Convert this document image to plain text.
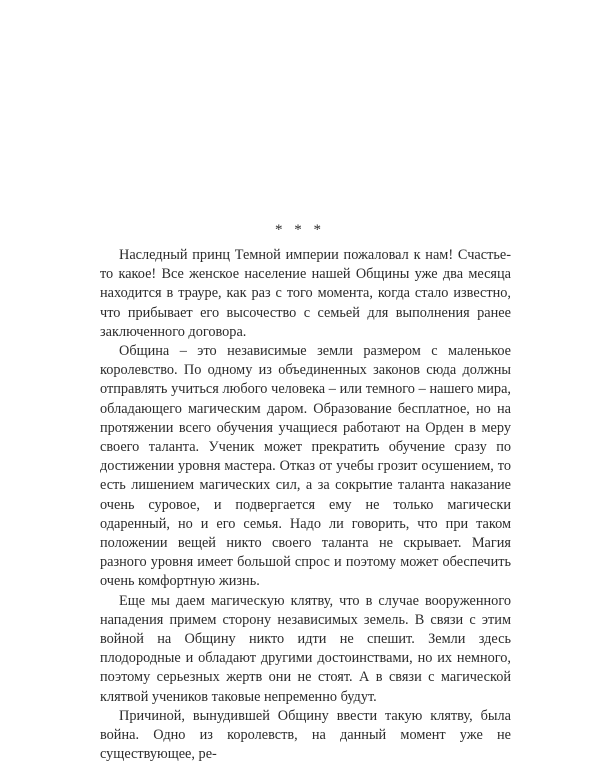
* * *

Наследный принц Темной империи пожаловал к нам! Счастье-то какое! Все женское население нашей Общины уже два месяца находится в трауре, как раз с того момента, когда стало известно, что прибывает его высочество с семьей для выполнения ранее заключенного договора.

Община – это независимые земли размером с маленькое королевство. По одному из объединенных законов сюда должны отправлять учиться любого человека – или темного – нашего мира, обладающего магическим даром. Образование бесплатное, но на протяжении всего обучения учащиеся работают на Орден в меру своего таланта. Ученик может прекратить обучение сразу по достижении уровня мастера. Отказ от учебы грозит осушением, то есть лишением магических сил, а за сокрытие таланта наказание очень суровое, и подвергается ему не только магически одаренный, но и его семья. Надо ли говорить, что при таком положении вещей никто своего таланта не скрывает. Магия разного уровня имеет большой спрос и поэтому может обеспечить очень комфортную жизнь.

Еще мы даем магическую клятву, что в случае вооруженного нападения примем сторону независимых земель. В связи с этим войной на Общину никто идти не спешит. Земли здесь плодородные и обладают другими достоинствами, но их немного, поэтому серьезных жертв они не стоят. А в связи с магической клятвой учеников таковые непременно будут.

Причиной, вынудившей Общину ввести такую клятву, была война. Одно из королевств, на данный момент уже не существующее, ре-
